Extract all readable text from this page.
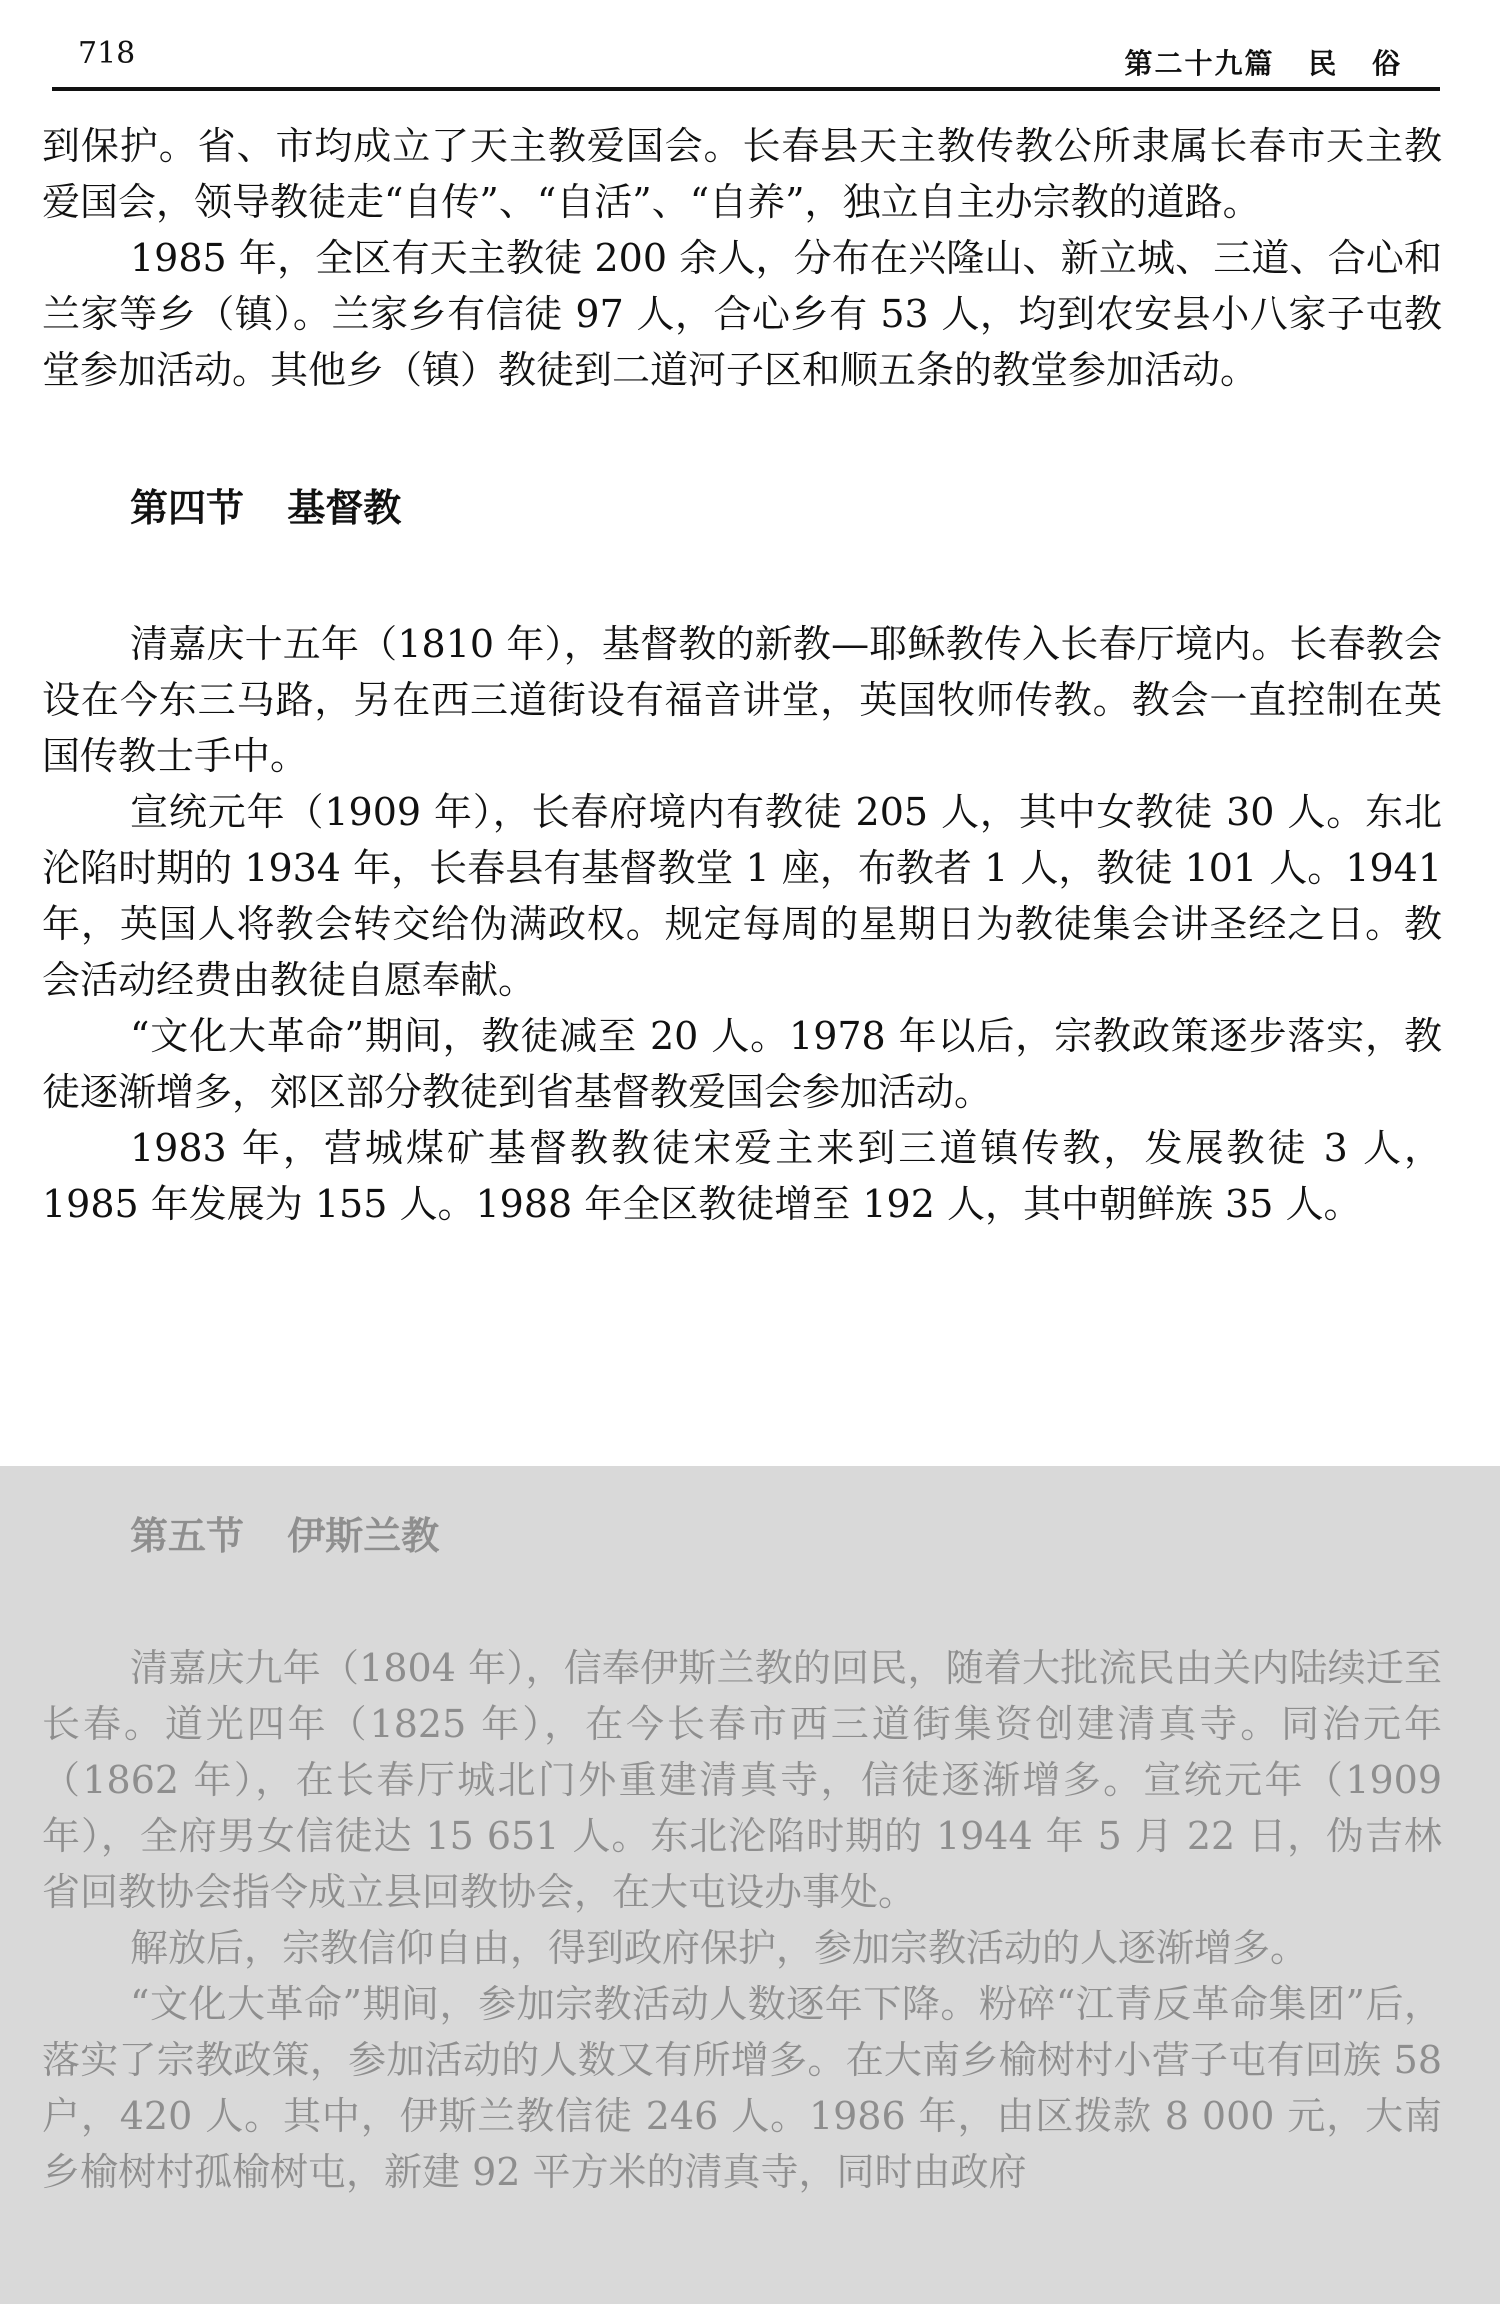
718	第二十九篇 民 俗

到保护。省、市均成立了天主教爱国会。长春县天主教传教公所隶属长春市天主教爱国会，领导教徒走“自传”、“自活”、“自养”，独立自主办宗教的道路。

1985 年，全区有天主教徒 200 余人，分布在兴隆山、新立城、三道、合心和兰家等乡（镇）。兰家乡有信徒 97 人，合心乡有 53 人，均到农安县小八家子屯教堂参加活动。其他乡（镇）教徒到二道河子区和顺五条的教堂参加活动。

第四节 基督教

清嘉庆十五年（1810 年），基督教的新教—耶稣教传入长春厅境内。长春教会设在今东三马路，另在西三道街设有福音讲堂，英国牧师传教。教会一直控制在英国传教士手中。

宣统元年（1909 年），长春府境内有教徒 205 人，其中女教徒 30 人。东北沦陷时期的 1934 年，长春县有基督教堂 1 座，布教者 1 人，教徒 101 人。1941 年，英国人将教会转交给伪满政权。规定每周的星期日为教徒集会讲圣经之日。教会活动经费由教徒自愿奉献。

“文化大革命”期间，教徒减至 20 人。1978 年以后，宗教政策逐步落实，教徒逐渐增多，郊区部分教徒到省基督教爱国会参加活动。

1983 年，营城煤矿基督教教徒宋爱主来到三道镇传教，发展教徒 3 人，1985 年发展为 155 人。1988 年全区教徒增至 192 人，其中朝鲜族 35 人。

第五节 伊斯兰教

清嘉庆九年（1804 年），信奉伊斯兰教的回民，随着大批流民由关内陆续迁至长春。道光四年（1825 年），在今长春市西三道街集资创建清真寺。同治元年（1862 年），在长春厅城北门外重建清真寺，信徒逐渐增多。宣统元年（1909 年），全府男女信徒达 15 651 人。东北沦陷时期的 1944 年 5 月 22 日，伪吉林省回教协会指令成立县回教协会，在大屯设办事处。

解放后，宗教信仰自由，得到政府保护，参加宗教活动的人逐渐增多。

“文化大革命”期间，参加宗教活动人数逐年下降。粉碎“江青反革命集团”后，落实了宗教政策，参加活动的人数又有所增多。在大南乡榆树村小营子屯有回族 58 户，420 人。其中，伊斯兰教信徒 246 人。1986 年，由区拨款 8 000 元，大南乡榆树村孤榆树屯，新建 92 平方米的清真寺，同时由政府
